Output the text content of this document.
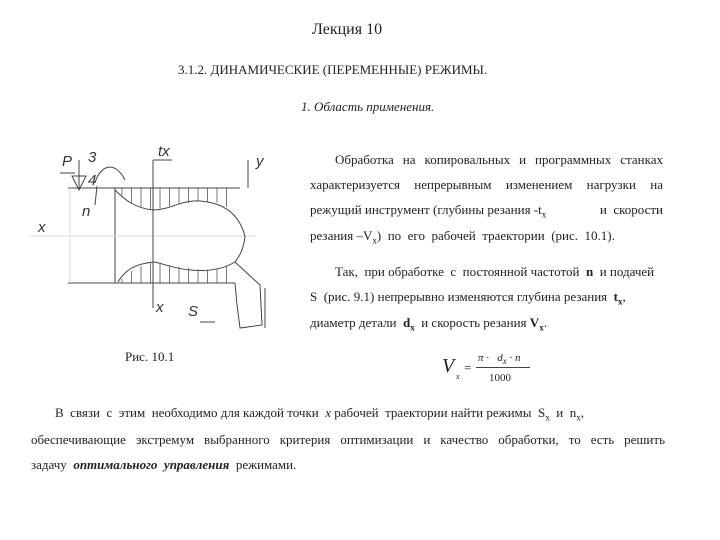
Лекция 10
3.1.2. ДИНАМИЧЕСКИЕ (ПЕРЕМЕННЫЕ) РЕЖИМЫ.
1. Область применения.
Обработка на копировальных и программных станках
характеризуется непрерывным изменением нагрузки на
режущий инструмент (глубины резания $-t_x$	и  скорости
резания $-V_x$)  по  его  рабочей  траектории  (рис.  10.1).
Так,  при обработке  с  постоянной частотой  n  и подачей
S  (рис. 9.1) непрерывно изменяются глубина резания  $t_x$,
диаметр детали  $d_x$  и скорость резания $V_x$.
P 3
4
tx
y
n
x
x S
Рис. 10.1	V x
=
$\pi \cdot d_x \cdot n$
1000
В  связи  с  этим  необходимо для каждой точки  x рабочей  траектории найти режимы  $S_x$  и  $n_x$,
обеспечивающие экстремум выбранного критерия оптимизации и качество обработки, то есть решить
задачу  оптимального  управления  режимами.
